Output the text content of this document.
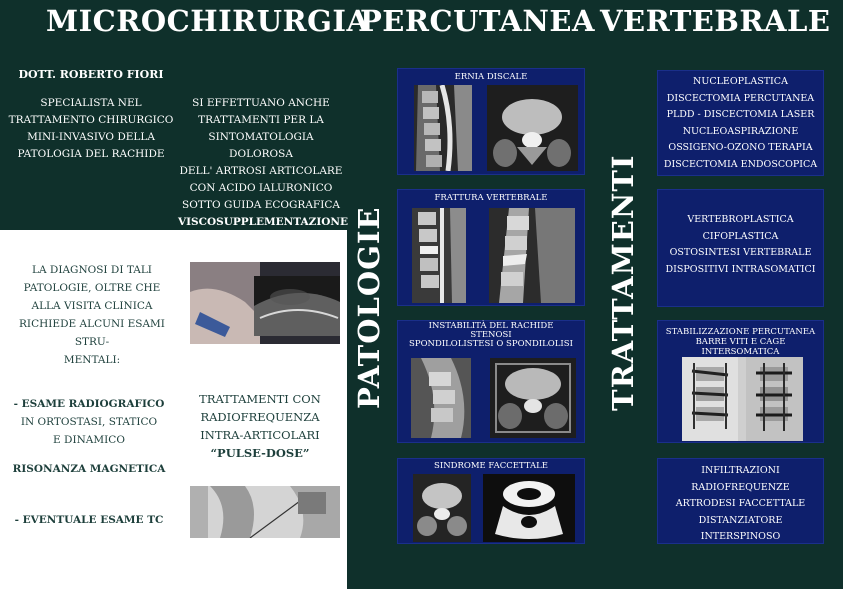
MICROCHIRURGIA
PERCUTANEA VERTEBRALE
DOTT. ROBERTO FIORI
SPECIALISTA NEL
TRATTAMENTO CHIRURGICO
MINI-INVASIVO DELLA
PATOLOGIA DEL RACHIDE
SI EFFETTUANO ANCHE
TRATTAMENTI PER LA
SINTOMATOLOGIA DOLOROSA
DELL' ARTROSI ARTICOLARE
CON ACIDO IALURONICO
SOTTO GUIDA ECOGRAFICA
VISCOSUPPLEMENTAZIONE
LA DIAGNOSI DI TALI
PATOLOGIE, OLTRE CHE
ALLA VISITA CLINICA
RICHIEDE ALCUNI ESAMI STRU-
MENTALI:
- ESAME RADIOGRAFICO
IN ORTOSTASI, STATICO
E DINAMICO
RISONANZA MAGNETICA
- EVENTUALE ESAME TC
TRATTAMENTI CON
RADIOFREQUENZA
INTRA-ARTICOLARI
“PULSE-DOSE”
PATOLOGIE	TRATTAMENTI
ERNIA DISCALE
FRATTURA VERTEBRALE
INSTABILITÀ DEL RACHIDE
STENOSI
SPONDILOLISTESI O SPONDILOLISI
SINDROME FACCETTALE
NUCLEOPLASTICA
DISCECTOMIA PERCUTANEA
PLDD - DISCECTOMIA LASER
NUCLEOASPIRAZIONE
OSSIGENO-OZONO TERAPIA
DISCECTOMIA ENDOSCOPICA
VERTEBROPLASTICA
CIFOPLASTICA
OSTOSINTESI VERTEBRALE
DISPOSITIVI INTRASOMATICI
STABILIZZAZIONE PERCUTANEA
BARRE VITI E CAGE INTERSOMATICA
INFILTRAZIONI
RADIOFREQUENZE
ARTRODESI FACCETTALE
DISTANZIATORE INTERSPINOSO
